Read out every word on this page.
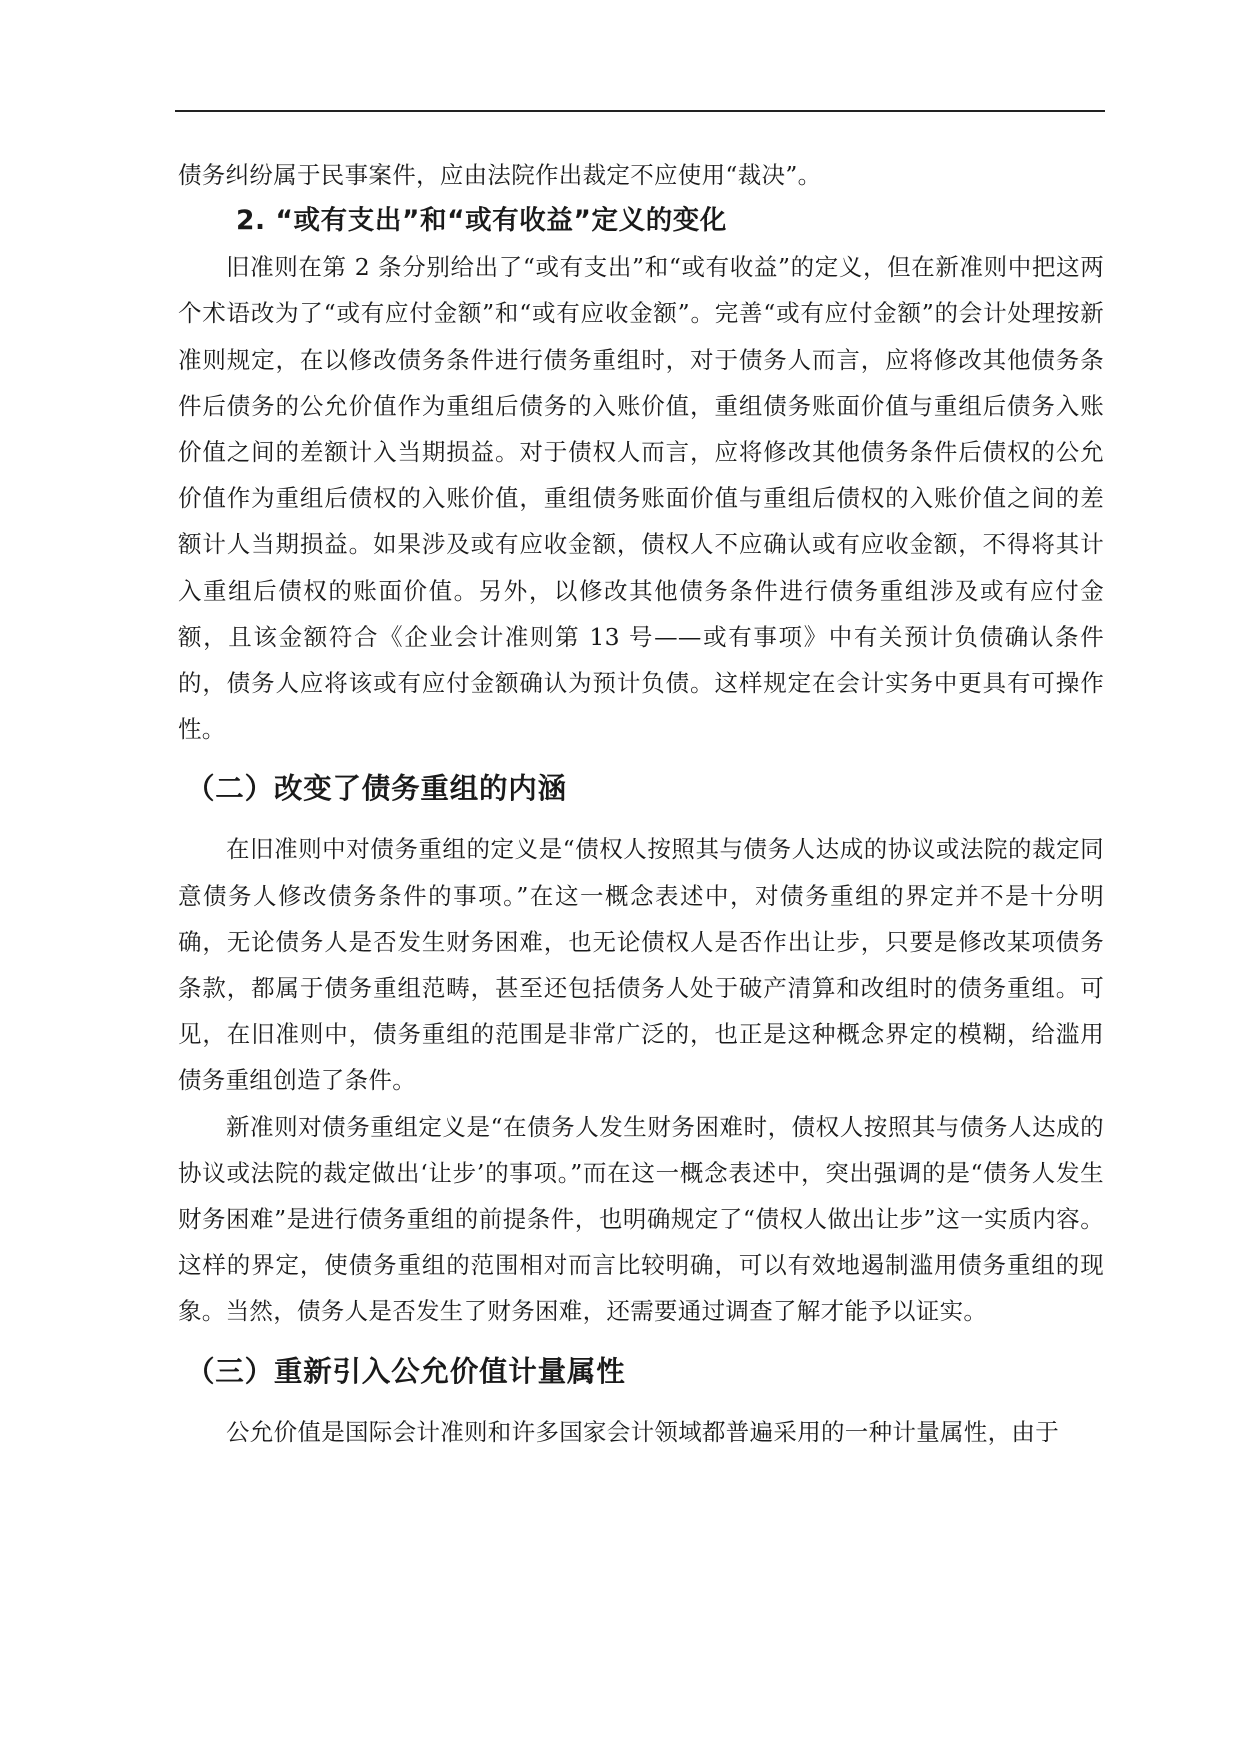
债务纠纷属于民事案件，应由法院作出裁定不应使用“裁决”。

2. “或有支出”和“或有收益”定义的变化

旧准则在第 2 条分别给出了“或有支出”和“或有收益”的定义，但在新准则中把这两个术语改为了“或有应付金额”和“或有应收金额”。完善“或有应付金额”的会计处理按新准则规定，在以修改债务条件进行债务重组时，对于债务人而言，应将修改其他债务条件后债务的公允价值作为重组后债务的入账价值，重组债务账面价值与重组后债务入账价值之间的差额计入当期损益。对于债权人而言，应将修改其他债务条件后债权的公允价值作为重组后债权的入账价值，重组债务账面价值与重组后债权的入账价值之间的差额计人当期损益。如果涉及或有应收金额，债权人不应确认或有应收金额，不得将其计入重组后债权的账面价值。另外，以修改其他债务条件进行债务重组涉及或有应付金额，且该金额符合《企业会计准则第 13 号——或有事项》中有关预计负债确认条件的，债务人应将该或有应付金额确认为预计负债。这样规定在会计实务中更具有可操作性。

（二）改变了债务重组的内涵

在旧准则中对债务重组的定义是“债权人按照其与债务人达成的协议或法院的裁定同意债务人修改债务条件的事项。”在这一概念表述中，对债务重组的界定并不是十分明确，无论债务人是否发生财务困难，也无论债权人是否作出让步，只要是修改某项债务条款，都属于债务重组范畴，甚至还包括债务人处于破产清算和改组时的债务重组。可见，在旧准则中，债务重组的范围是非常广泛的，也正是这种概念界定的模糊，给滥用债务重组创造了条件。

新准则对债务重组定义是“在债务人发生财务困难时，债权人按照其与债务人达成的协议或法院的裁定做出‘让步’的事项。”而在这一概念表述中，突出强调的是“债务人发生财务困难”是进行债务重组的前提条件，也明确规定了“债权人做出让步”这一实质内容。这样的界定，使债务重组的范围相对而言比较明确，可以有效地遏制滥用债务重组的现象。当然，债务人是否发生了财务困难，还需要通过调查了解才能予以证实。

（三）重新引入公允价值计量属性

公允价值是国际会计准则和许多国家会计领域都普遍采用的一种计量属性，由于
